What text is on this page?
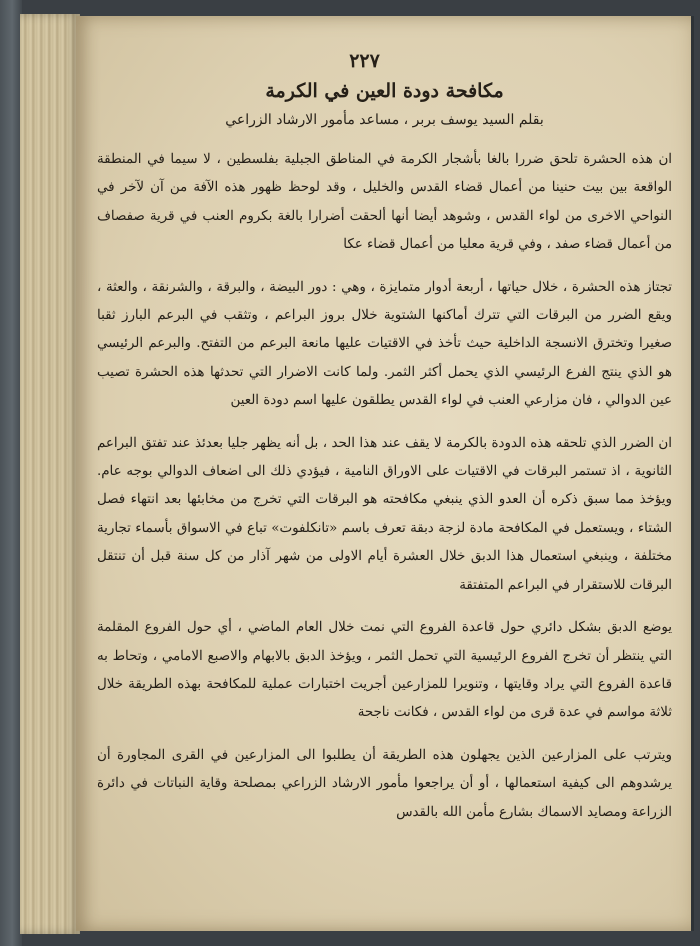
٢٢٧
مكافحة دودة العين في الكرمة
بقلم السيد يوسف بربر ، مساعد مأمور الارشاد الزراعي

ان هذه الحشرة تلحق ضررا بالغا بأشجار الكرمة في المناطق الجبلية بفلسطين ، لا سيما في المنطقة الواقعة بين بيت حنينا من أعمال قضاء القدس والخليل ، وقد لوحظ ظهور هذه الآفة من آن لآخر في النواحي الاخرى من لواء القدس ، وشوهد أيضا أنها ألحقت أضرارا بالغة بكروم العنب في قرية صفصاف من أعمال قضاء صفد ، وفي قرية معليا من أعمال قضاء عكا

تجتاز هذه الحشرة ، خلال حياتها ، أربعة أدوار متمايزة ، وهي : دور البيضة ، والبرقة ، والشرنقة ، والعثة ، ويقع الضرر من البرقات التي تترك أماكنها الشتوية خلال بروز البراعم ، وتثقب في البرعم البارز ثقبا صغيرا وتخترق الانسجة الداخلية حيث تأخذ في الاقتيات عليها مانعة البرعم من التفتح. والبرعم الرئيسي هو الذي ينتج الفرع الرئيسي الذي يحمل أكثر الثمر. ولما كانت الاضرار التي تحدثها هذه الحشرة تصيب عين الدوالي ، فان مزارعي العنب في لواء القدس يطلقون عليها اسم دودة العين

ان الضرر الذي تلحقه هذه الدودة بالكرمة لا يقف عند هذا الحد ، بل أنه يظهر جليا بعدئذ عند تفتق البراعم الثانوية ، اذ تستمر البرقات في الاقتيات على الاوراق النامية ، فيؤدي ذلك الى اضعاف الدوالي بوجه عام. ويؤخذ مما سبق ذكره أن العدو الذي ينبغي مكافحته هو البرقات التي تخرج من مخابئها بعد انتهاء فصل الشتاء ، ويستعمل في المكافحة مادة لزجة دبقة تعرف باسم «تانكلفوت» تباع في الاسواق بأسماء تجارية مختلفة ، وينبغي استعمال هذا الدبق خلال العشرة أيام الاولى من شهر آذار من كل سنة قبل أن تنتقل البرقات للاستقرار في البراعم المتفتقة

يوضع الدبق بشكل دائري حول قاعدة الفروع التي نمت خلال العام الماضي ، أي حول الفروع المقلمة التي ينتظر أن تخرج الفروع الرئيسية التي تحمل الثمر ، ويؤخذ الدبق بالابهام والاصبع الامامي ، وتحاط به قاعدة الفروع التي يراد وقايتها ، وتنويرا للمزارعين أجريت اختبارات عملية للمكافحة بهذه الطريقة خلال ثلاثة مواسم في عدة قرى من لواء القدس ، فكانت ناجحة

ويترتب على المزارعين الذين يجهلون هذه الطريقة أن يطلبوا الى المزارعين في القرى المجاورة أن يرشدوهم الى كيفية استعمالها ، أو أن يراجعوا مأمور الارشاد الزراعي بمصلحة وقاية النباتات في دائرة الزراعة ومصايد الاسماك بشارع مأمن الله بالقدس
